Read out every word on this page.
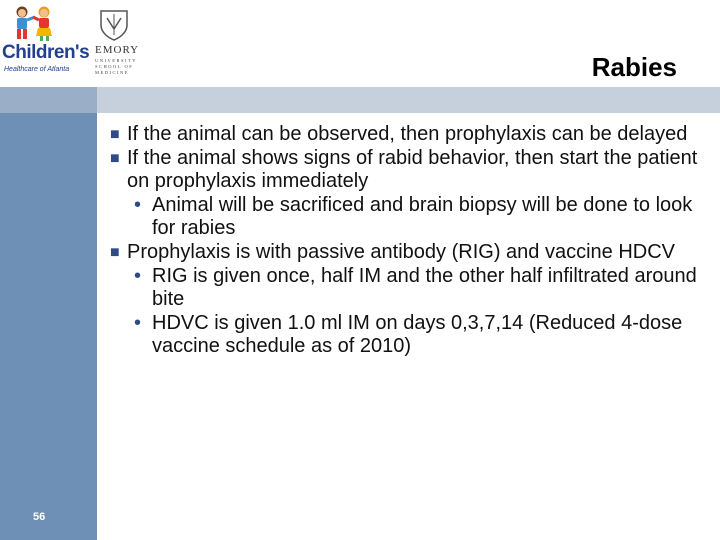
Children's
Healthcare of Atlanta
EMORY
UNIVERSITY
SCHOOL OF
MEDICINE	Rabies
■ If the animal can be observed, then prophylaxis can be delayed
■ If the animal shows signs of rabid behavior, then start the patient on prophylaxis immediately
• Animal will be sacrificed and brain biopsy will be done to look for rabies
■ Prophylaxis is with passive antibody (RIG) and vaccine HDCV
• RIG is given once, half IM and the other half infiltrated around bite
• HDVC is given 1.0 ml IM on days 0,3,7,14 (Reduced 4-dose vaccine schedule as of 2010)
56
